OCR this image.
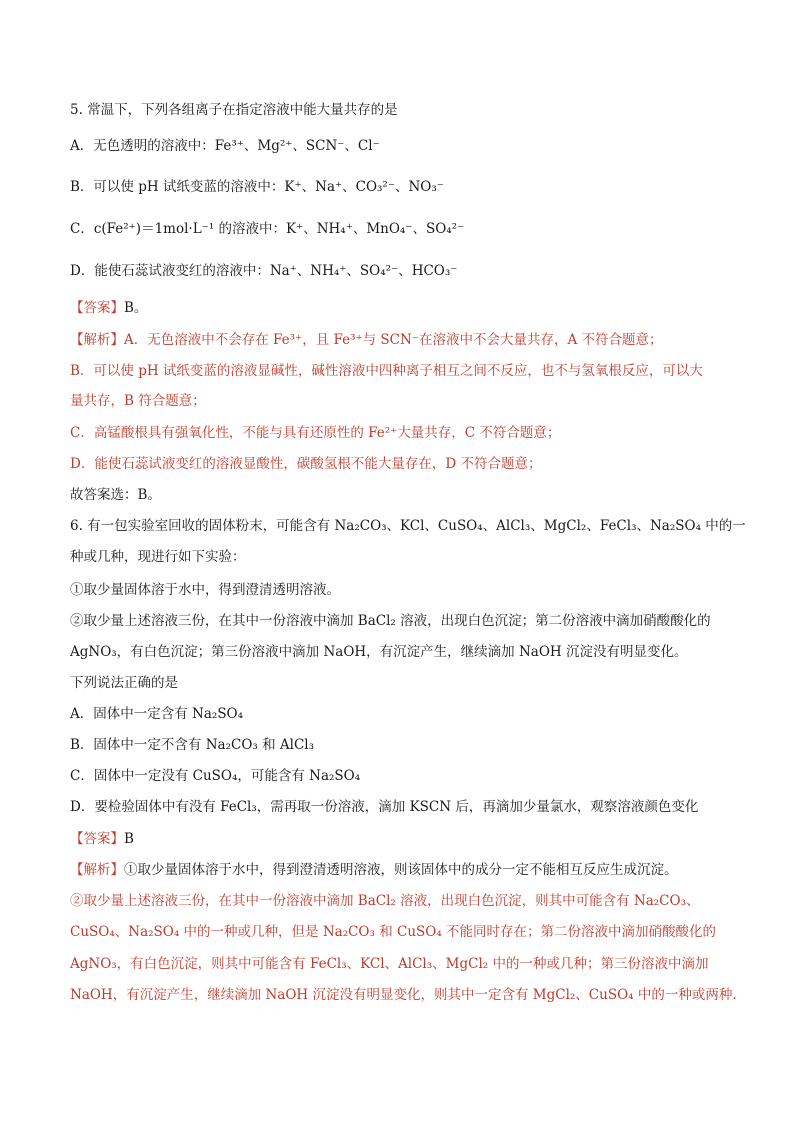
5. 常温下，下列各组离子在指定溶液中能大量共存的是
A．无色透明的溶液中：Fe³⁺、Mg²⁺、SCN⁻、Cl⁻
B．可以使 pH 试纸变蓝的溶液中：K⁺、Na⁺、CO₃²⁻、NO₃⁻
C．c(Fe²⁺)＝1mol·L⁻¹ 的溶液中：K⁺、NH₄⁺、MnO₄⁻、SO₄²⁻
D．能使石蕊试液变红的溶液中：Na⁺、NH₄⁺、SO₄²⁻、HCO₃⁻
【答案】B。
【解析】A．无色溶液中不会存在 Fe³⁺，且 Fe³⁺与 SCN⁻在溶液中不会大量共存，A 不符合题意；
B．可以使 pH 试纸变蓝的溶液显碱性，碱性溶液中四种离子相互之间不反应，也不与氢氧根反应，可以大
量共存，B 符合题意；
C．高锰酸根具有强氧化性，不能与具有还原性的 Fe²⁺大量共存，C 不符合题意；
D．能使石蕊试液变红的溶液显酸性，碳酸氢根不能大量存在，D 不符合题意；
故答案选：B。
6. 有一包实验室回收的固体粉末，可能含有 Na₂CO₃、KCl、CuSO₄、AlCl₃、MgCl₂、FeCl₃、Na₂SO₄ 中的一
种或几种，现进行如下实验：
①取少量固体溶于水中，得到澄清透明溶液。
②取少量上述溶液三份，在其中一份溶液中滴加 BaCl₂ 溶液，出现白色沉淀；第二份溶液中滴加硝酸酸化的
AgNO₃，有白色沉淀；第三份溶液中滴加 NaOH，有沉淀产生，继续滴加 NaOH 沉淀没有明显变化。
下列说法正确的是
A．固体中一定含有 Na₂SO₄
B．固体中一定不含有 Na₂CO₃ 和 AlCl₃
C．固体中一定没有 CuSO₄，可能含有 Na₂SO₄
D．要检验固体中有没有 FeCl₃，需再取一份溶液，滴加 KSCN 后，再滴加少量氯水，观察溶液颜色变化
【答案】B
【解析】①取少量固体溶于水中，得到澄清透明溶液，则该固体中的成分一定不能相互反应生成沉淀。
②取少量上述溶液三份，在其中一份溶液中滴加 BaCl₂ 溶液，出现白色沉淀，则其中可能含有 Na₂CO₃、
CuSO₄、Na₂SO₄ 中的一种或几种，但是 Na₂CO₃ 和 CuSO₄ 不能同时存在；第二份溶液中滴加硝酸酸化的
AgNO₃，有白色沉淀，则其中可能含有 FeCl₃、KCl、AlCl₃、MgCl₂ 中的一种或几种；第三份溶液中滴加
NaOH，有沉淀产生，继续滴加 NaOH 沉淀没有明显变化，则其中一定含有 MgCl₂、CuSO₄ 中的一种或两种.
